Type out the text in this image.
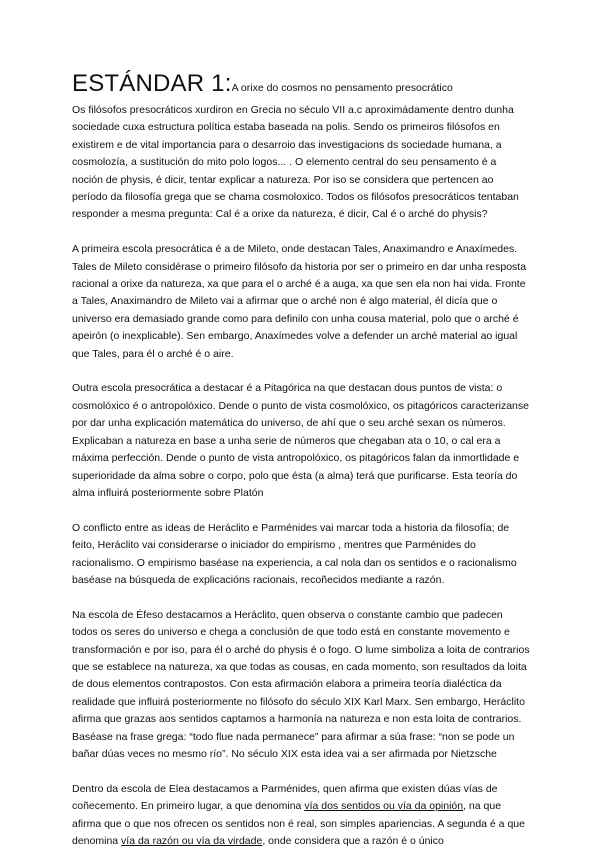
ESTÁNDAR 1:A orixe do cosmos no pensamento presocrático

Os filósofos presocráticos xurdiron en Grecia no século VII a.c aproximádamente dentro dunha sociedade cuxa estructura política estaba baseada na polis. Sendo os primeiros filósofos en existirem e de vital importancia para o desarroio das investigacions ds sociedade humana, a cosmolozía, a sustitución do mito polo logos... . O elemento central do seu pensamento é a noción de physis, é dicir, tentar explicar a natureza. Por iso se considera que pertencen ao período da filosofía grega que se chama cosmoloxico. Todos os filósofos presocráticos tentaban responder a mesma pregunta: Cal é a orixe da natureza, é dicir, Cal é o arché do physis?

A primeira escola presocrática é a de Mileto, onde destacan Tales, Anaximandro e Anaxímedes. Tales de Mileto considérase o primeiro filósofo da historia por ser o primeiro en dar unha resposta racional a orixe da natureza, xa que para el o arché é a auga, xa que sen ela non hai vida. Fronte a Tales, Anaximandro de Mileto vai a afirmar que o arché non é algo material, él dicía que o universo era demasiado grande como para definilo con unha cousa material, polo que o arché é apeirón (o inexplicable). Sen embargo, Anaxímedes volve a defender un arché material ao igual que Tales, para él o arché é o aire.

Outra escola presocrática a destacar é a Pitagórica na que destacan dous puntos de vista: o cosmolóxico é o antropolóxico. Dende o punto de vista cosmolóxico, os pitagóricos caracterizanse por dar unha explicación matemática do universo, de ahí que o seu arché sexan os números. Explicaban a natureza en base a unha serie de números que chegaban ata o 10, o cal era a máxima perfección. Dende o punto de vista antropolóxico, os pitagóricos falan da inmortlidade e superioridade da alma sobre o corpo, polo que ésta (a alma) terá que purificarse. Esta teoría do alma influirá posteriormente sobre Platón

O conflicto entre as ideas de Heráclito e Parménides vai marcar toda a historia da filosofía; de feito, Heráclito vai considerarse o iniciador do empirismo , mentres que Parménides do racionalismo. O empirismo baséase na experiencia, a cal nola dan os sentidos e o racionalismo baséase na búsqueda de explicacións racionais, recoñecidos mediante a razón.

Na escola de Éfeso destacamos a Heráclito, quen observa o constante cambio que padecen todos os seres do universo e chega a conclusión de que todo está en constante movemento e transformación e por iso, para él o arché do physis é o fogo. O lume simboliza a loita de contrarios que se establece na natureza, xa que todas as cousas, en cada momento, son resultados da loita de dous elementos contrapostos. Con esta afirmación elabora a primeira teoría dialéctica da realidade que influirá posteriormente no filósofo do século XIX Karl Marx. Sen embargo, Heráclito afirma que grazas aos sentidos captamos a harmonía na natureza e non esta loita de contrarios. Baséase na frase grega: “todo flue nada permanece” para afirmar a súa frase: “non se pode un bañar dúas veces no mesmo río”. No século XIX esta idea vai a ser afirmada por Nietzsche

Dentro da escola de Elea destacamos a Parménides, quen afirma que existen dúas vías de coñecemento. En primeiro lugar, a que denomina vía dos sentidos ou vía da opinión, na que afirma que o que nos ofrecen os sentidos non é real, son simples apariencias. A segunda é a que denomina vía da razón ou vía da virdade, onde considera que a razón é o único
